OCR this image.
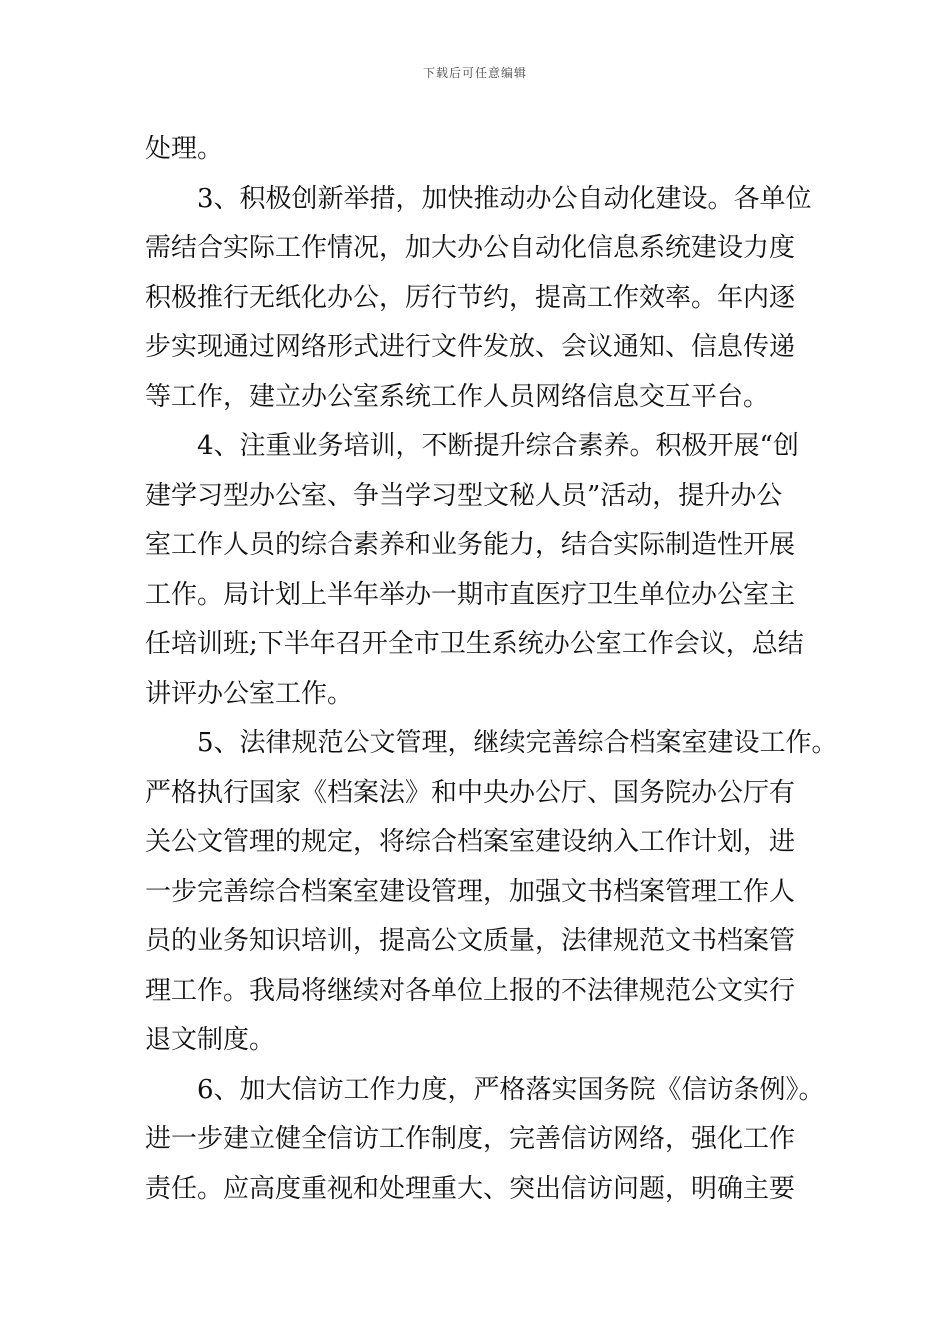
下载后可任意编辑
处理。
3、积极创新举措，加快推动办公自动化建设。各单位
需结合实际工作情况，加大办公自动化信息系统建设力度
积极推行无纸化办公，厉行节约，提高工作效率。年内逐
步实现通过网络形式进行文件发放、会议通知、信息传递
等工作，建立办公室系统工作人员网络信息交互平台。
4、注重业务培训，不断提升综合素养。积极开展“创
建学习型办公室、争当学习型文秘人员”活动，提升办公
室工作人员的综合素养和业务能力，结合实际制造性开展
工作。局计划上半年举办一期市直医疗卫生单位办公室主
任培训班;下半年召开全市卫生系统办公室工作会议，总结
讲评办公室工作。
5、法律规范公文管理，继续完善综合档案室建设工作。
严格执行国家《档案法》和中央办公厅、国务院办公厅有
关公文管理的规定，将综合档案室建设纳入工作计划，进
一步完善综合档案室建设管理，加强文书档案管理工作人
员的业务知识培训，提高公文质量，法律规范文书档案管
理工作。我局将继续对各单位上报的不法律规范公文实行
退文制度。
6、加大信访工作力度，严格落实国务院《信访条例》。
进一步建立健全信访工作制度，完善信访网络，强化工作
责任。应高度重视和处理重大、突出信访问题，明确主要
